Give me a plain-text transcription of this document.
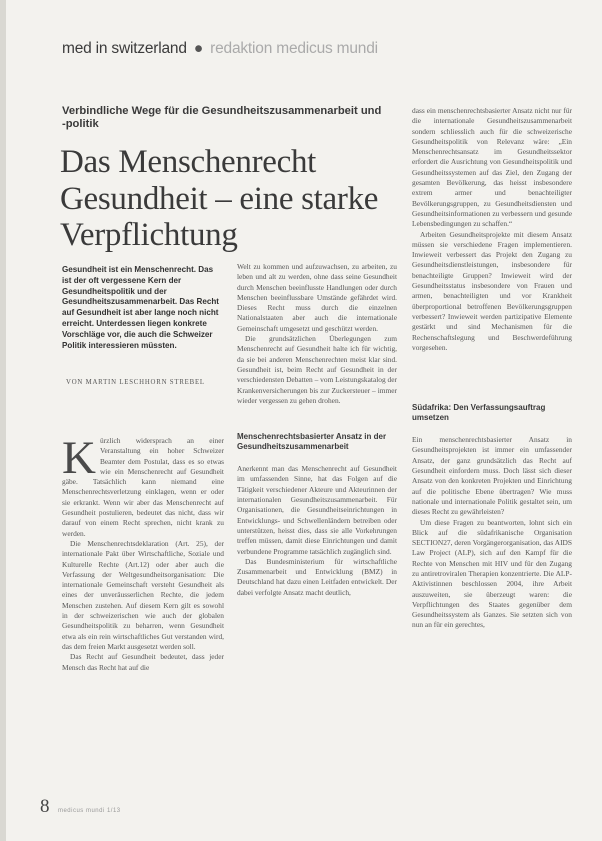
med in switzerland ● redaktion medicus mundi
Verbindliche Wege für die Gesundheitszusammenarbeit und -politik
Das Menschenrecht Gesundheit – eine starke Verpflichtung
Gesundheit ist ein Menschenrecht. Das ist der oft vergessene Kern der Gesundheitspolitik und der Gesundheitszusammenarbeit. Das Recht auf Gesundheit ist aber lange noch nicht erreicht. Unterdessen liegen konkrete Vorschläge vor, die auch die Schweizer Politik interessieren müssten.
VON MARTIN LESCHHORN STREBEL

Kürzlich widersprach an einer Veranstaltung ein hoher Schweizer Beamter dem Postulat, dass es so etwas wie ein Menschenrecht auf Gesundheit gäbe. Tatsächlich kann niemand eine Menschenrechtsverletzung einklagen, wenn er oder sie erkrankt. Wenn wir aber das Menschenrecht auf Gesundheit postulieren, bedeutet das nicht, dass wir darauf von einem Recht sprechen, nicht krank zu werden.

Die Menschenrechtsdeklaration (Art. 25), der internationale Pakt über Wirtschaftliche, Soziale und Kulturelle Rechte (Art.12) oder aber auch die Verfassung der Weltgesundheitsorganisation: Die internationale Gemeinschaft versteht Gesundheit als eines der unveräusserlichen Rechte, die jedem Menschen zustehen. Auf diesem Kern gilt es sowohl in der schweizerischen wie auch der globalen Gesundheitspolitik zu beharren, wenn Gesundheit etwa als ein rein wirtschaftliches Gut verstanden wird, das dem freien Markt ausgesetzt werden soll.

Das Recht auf Gesundheit bedeutet, dass jeder Mensch das Recht hat auf die

Welt zu kommen und aufzuwachsen, zu arbeiten, zu leben und alt zu werden, ohne dass seine Gesundheit durch Menschen beeinflusste Handlungen oder durch Menschen beeinflussbare Umstände gefährdet wird. Dieses Recht muss durch die einzelnen Nationalstaaten aber auch die internationale Gemeinschaft umgesetzt und geschützt werden.

Die grundsätzlichen Überlegungen zum Menschenrecht auf Gesundheit halte ich für wichtig, da sie bei anderen Menschenrechten meist klar sind. Gesundheit ist, beim Recht auf Gesundheit in der verschiedensten Debatten – vom Leistungskatalog der Krankenversicherungen bis zur Zuckersteuer – immer wieder vergessen zu gehen drohen.

Menschenrechtsbasierter Ansatz in der Gesundheitszusammenarbeit

Anerkennt man das Menschenrecht auf Gesundheit im umfassenden Sinne, hat das Folgen auf die Tätigkeit verschiedener Akteure und Akteurinnen der internationalen Gesundheitszusammenarbeit. Für Organisationen, die Gesundheitseinrichtungen in Entwicklungs- und Schwellenländern betreiben oder unterstützen, heisst dies, dass sie alle Vorkehrungen treffen müssen, damit diese Einrichtungen und damit verbundene Programme tatsächlich zugänglich sind.

Das Bundesministerium für wirtschaftliche Zusammenarbeit und Entwicklung (BMZ) in Deutschland hat dazu einen Leitfaden entwickelt. Der dabei verfolgte Ansatz macht deutlich,

dass ein menschenrechtsbasierter Ansatz nicht nur für die internationale Gesundheitszusammenarbeit sondern schliesslich auch für die schweizerische Gesundheitspolitik von Relevanz wäre: „Ein Menschenrechtsansatz im Gesundheitssektor erfordert die Ausrichtung von Gesundheitspolitik und Gesundheitssystemen auf das Ziel, den Zugang der gesamten Bevölkerung, das heisst insbesondere extrem armer und benachteiligter Bevölkerungsgruppen, zu Gesundheitsdiensten und Gesundheitsinformationen zu verbessern und gesunde Lebensbedingungen zu schaffen.“

Arbeiten Gesundheitsprojekte mit diesem Ansatz müssen sie verschiedene Fragen implementieren. Inwieweit verbessert das Projekt den Zugang zu Gesundheitsdienstleistungen, insbesondere für benachteiligte Gruppen? Inwieweit wird der Gesundheitsstatus insbesondere von Frauen und armen, benachteiligten und vor Krankheit überproportional betroffenen Bevölkerungsgruppen verbessert? Inwieweit werden partizipative Elemente gestärkt und sind Mechanismen für die Rechenschaftslegung und Beschwerdeführung vorgesehen.

Südafrika: Den Verfassungsauftrag umsetzen

Ein menschenrechtsbasierter Ansatz in Gesundheitsprojekten ist immer ein umfassender Ansatz, der ganz grundsätzlich das Recht auf Gesundheit einfordern muss. Doch lässt sich dieser Ansatz von den konkreten Projekten und Einrichtung auf die politische Ebene übertragen? Wie muss nationale und internationale Politik gestaltet sein, um dieses Recht zu gewährleisten?

Um diese Fragen zu beantworten, lohnt sich ein Blick auf die südafrikanische Organisation SECTION27, deren Vorgängerorganisation, das AIDS Law Project (ALP), sich auf den Kampf für die Rechte von Menschen mit HIV und für den Zugang zu antiretroviralen Therapien konzentrierte. Die ALP-Aktivistinnen beschlossen 2004, ihre Arbeit auszuweiten, sie überzeugt waren: die Verpflichtungen des Staates gegenüber dem Gesundheitssystem als Ganzes. Sie setzten sich von nun an für ein gerechtes,

8 medicus mundi 1/13
